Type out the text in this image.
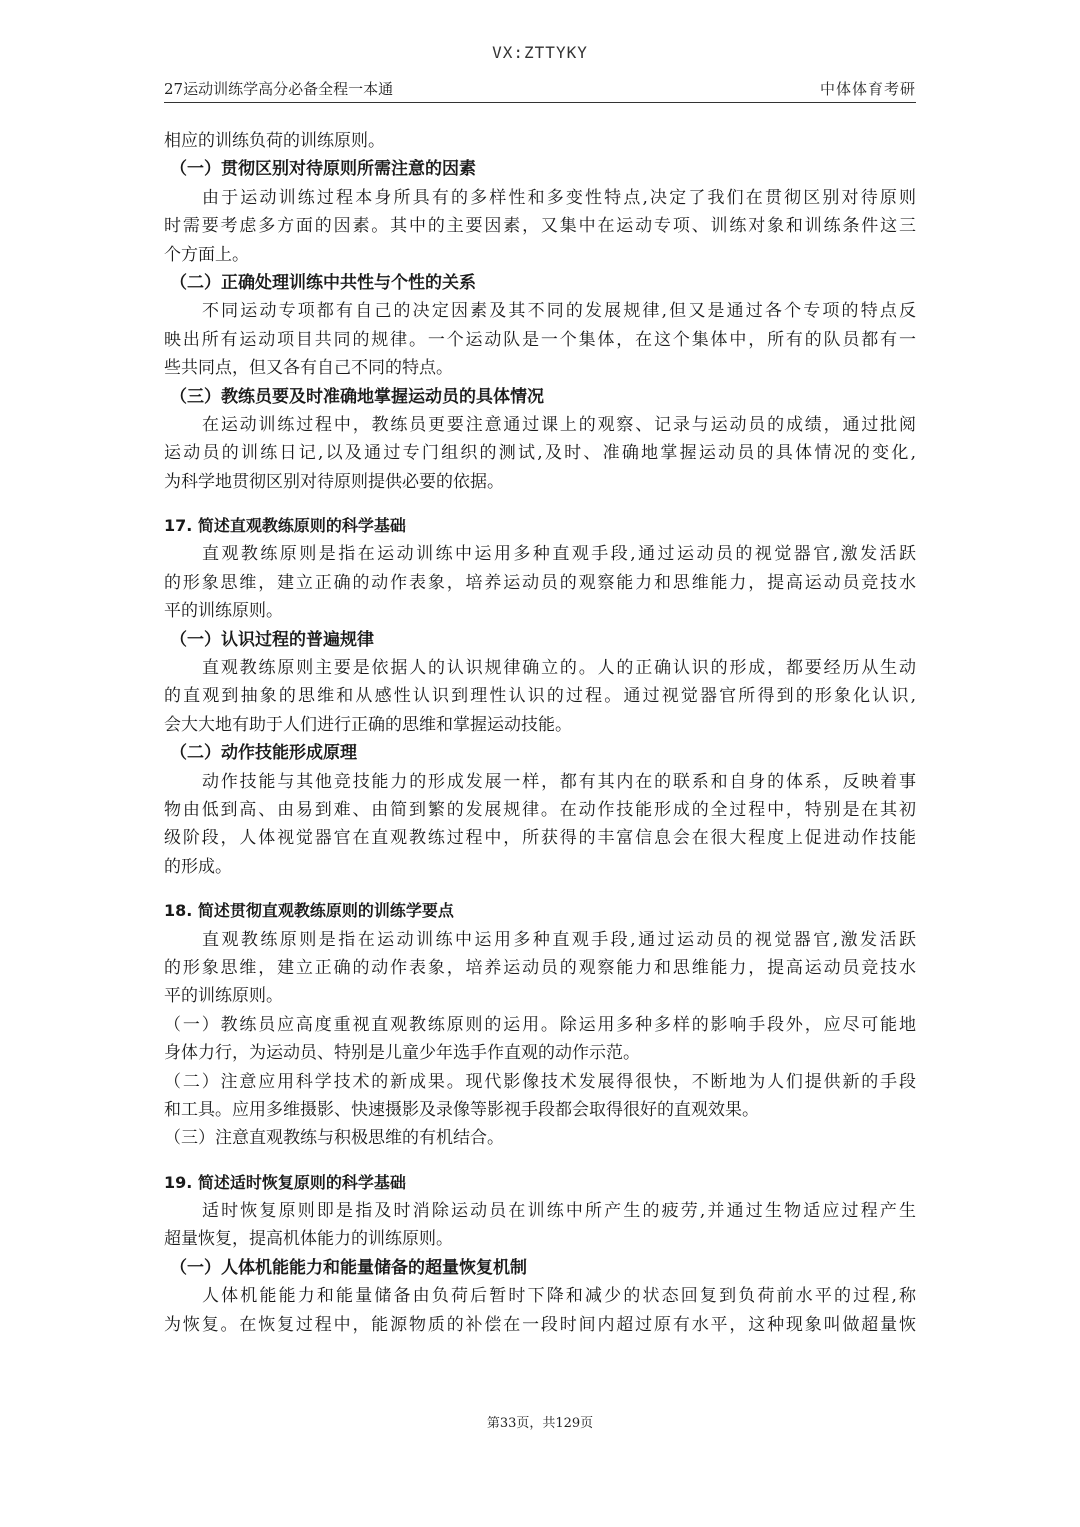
VX:ZTTYKY
27运动训练学高分必备全程一本通	中体体育考研
相应的训练负荷的训练原则。
（一）贯彻区别对待原则所需注意的因素
由于运动训练过程本身所具有的多样性和多变性特点,决定了我们在贯彻区别对待原则
时需要考虑多方面的因素。其中的主要因素，又集中在运动专项、训练对象和训练条件这三
个方面上。
（二）正确处理训练中共性与个性的关系
不同运动专项都有自己的决定因素及其不同的发展规律,但又是通过各个专项的特点反
映出所有运动项目共同的规律。一个运动队是一个集体，在这个集体中，所有的队员都有一
些共同点，但又各有自己不同的特点。
（三）教练员要及时准确地掌握运动员的具体情况
在运动训练过程中，教练员更要注意通过课上的观察、记录与运动员的成绩，通过批阅
运动员的训练日记,以及通过专门组织的测试,及时、准确地掌握运动员的具体情况的变化,
为科学地贯彻区别对待原则提供必要的依据。
17. 简述直观教练原则的科学基础
直观教练原则是指在运动训练中运用多种直观手段,通过运动员的视觉器官,激发活跃
的形象思维，建立正确的动作表象，培养运动员的观察能力和思维能力，提高运动员竞技水
平的训练原则。
（一）认识过程的普遍规律
直观教练原则主要是依据人的认识规律确立的。人的正确认识的形成，都要经历从生动
的直观到抽象的思维和从感性认识到理性认识的过程。通过视觉器官所得到的形象化认识,
会大大地有助于人们进行正确的思维和掌握运动技能。
（二）动作技能形成原理
动作技能与其他竞技能力的形成发展一样，都有其内在的联系和自身的体系，反映着事
物由低到高、由易到难、由简到繁的发展规律。在动作技能形成的全过程中，特别是在其初
级阶段，人体视觉器官在直观教练过程中，所获得的丰富信息会在很大程度上促进动作技能
的形成。
18. 简述贯彻直观教练原则的训练学要点
直观教练原则是指在运动训练中运用多种直观手段,通过运动员的视觉器官,激发活跃
的形象思维，建立正确的动作表象，培养运动员的观察能力和思维能力，提高运动员竞技水
平的训练原则。
（一）教练员应高度重视直观教练原则的运用。除运用多种多样的影响手段外，应尽可能地
身体力行，为运动员、特别是儿童少年选手作直观的动作示范。
（二）注意应用科学技术的新成果。现代影像技术发展得很快，不断地为人们提供新的手段
和工具。应用多维摄影、快速摄影及录像等影视手段都会取得很好的直观效果。
（三）注意直观教练与积极思维的有机结合。
19. 简述适时恢复原则的科学基础
适时恢复原则即是指及时消除运动员在训练中所产生的疲劳,并通过生物适应过程产生
超量恢复，提高机体能力的训练原则。
（一）人体机能能力和能量储备的超量恢复机制
人体机能能力和能量储备由负荷后暂时下降和减少的状态回复到负荷前水平的过程,称
为恢复。在恢复过程中，能源物质的补偿在一段时间内超过原有水平，这种现象叫做超量恢
第33页，共129页
